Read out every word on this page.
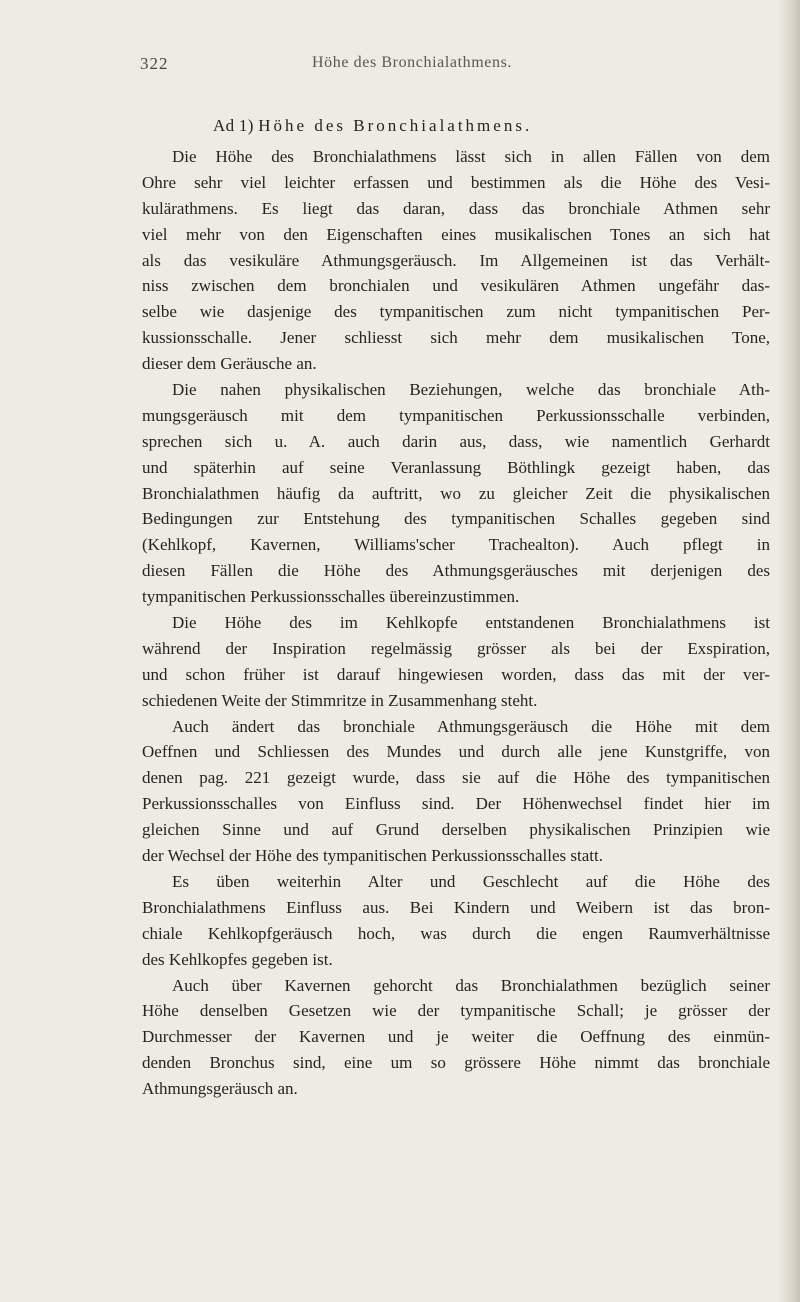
322	Höhe des Bronchialathmens.
Ad 1) Höhe des Bronchialathmens.
Die Höhe des Bronchialathmens lässt sich in allen Fällen von dem
Ohre sehr viel leichter erfassen und bestimmen als die Höhe des Vesi-
kulärathmens. Es liegt das daran, dass das bronchiale Athmen sehr
viel mehr von den Eigenschaften eines musikalischen Tones an sich hat
als das vesikuläre Athmungsgeräusch. Im Allgemeinen ist das Verhält-
niss zwischen dem bronchialen und vesikulären Athmen ungefähr das-
selbe wie dasjenige des tympanitischen zum nicht tympanitischen Per-
kussionsschalle. Jener schliesst sich mehr dem musikalischen Tone,
dieser dem Geräusche an.
Die nahen physikalischen Beziehungen, welche das bronchiale Ath-
mungsgeräusch mit dem tympanitischen Perkussionsschalle verbinden,
sprechen sich u. A. auch darin aus, dass, wie namentlich Gerhardt
und späterhin auf seine Veranlassung Böthlingk gezeigt haben, das
Bronchialathmen häufig da auftritt, wo zu gleicher Zeit die physikalischen
Bedingungen zur Entstehung des tympanitischen Schalles gegeben sind
(Kehlkopf, Kavernen, Williams'scher Trachealton). Auch pflegt in
diesen Fällen die Höhe des Athmungsgeräusches mit derjenigen des
tympanitischen Perkussionsschalles übereinzustimmen.
Die Höhe des im Kehlkopfe entstandenen Bronchialathmens ist
während der Inspiration regelmässig grösser als bei der Exspiration,
und schon früher ist darauf hingewiesen worden, dass das mit der ver-
schiedenen Weite der Stimmritze in Zusammenhang steht.
Auch ändert das bronchiale Athmungsgeräusch die Höhe mit dem
Oeffnen und Schliessen des Mundes und durch alle jene Kunstgriffe, von
denen pag. 221 gezeigt wurde, dass sie auf die Höhe des tympanitischen
Perkussionsschalles von Einfluss sind. Der Höhenwechsel findet hier im
gleichen Sinne und auf Grund derselben physikalischen Prinzipien wie
der Wechsel der Höhe des tympanitischen Perkussionsschalles statt.
Es üben weiterhin Alter und Geschlecht auf die Höhe des
Bronchialathmens Einfluss aus. Bei Kindern und Weibern ist das bron-
chiale Kehlkopfgeräusch hoch, was durch die engen Raumverhältnisse
des Kehlkopfes gegeben ist.
Auch über Kavernen gehorcht das Bronchialathmen bezüglich seiner
Höhe denselben Gesetzen wie der tympanitische Schall; je grösser der
Durchmesser der Kavernen und je weiter die Oeffnung des einmün-
denden Bronchus sind, eine um so grössere Höhe nimmt das bronchiale
Athmungsgeräusch an.
